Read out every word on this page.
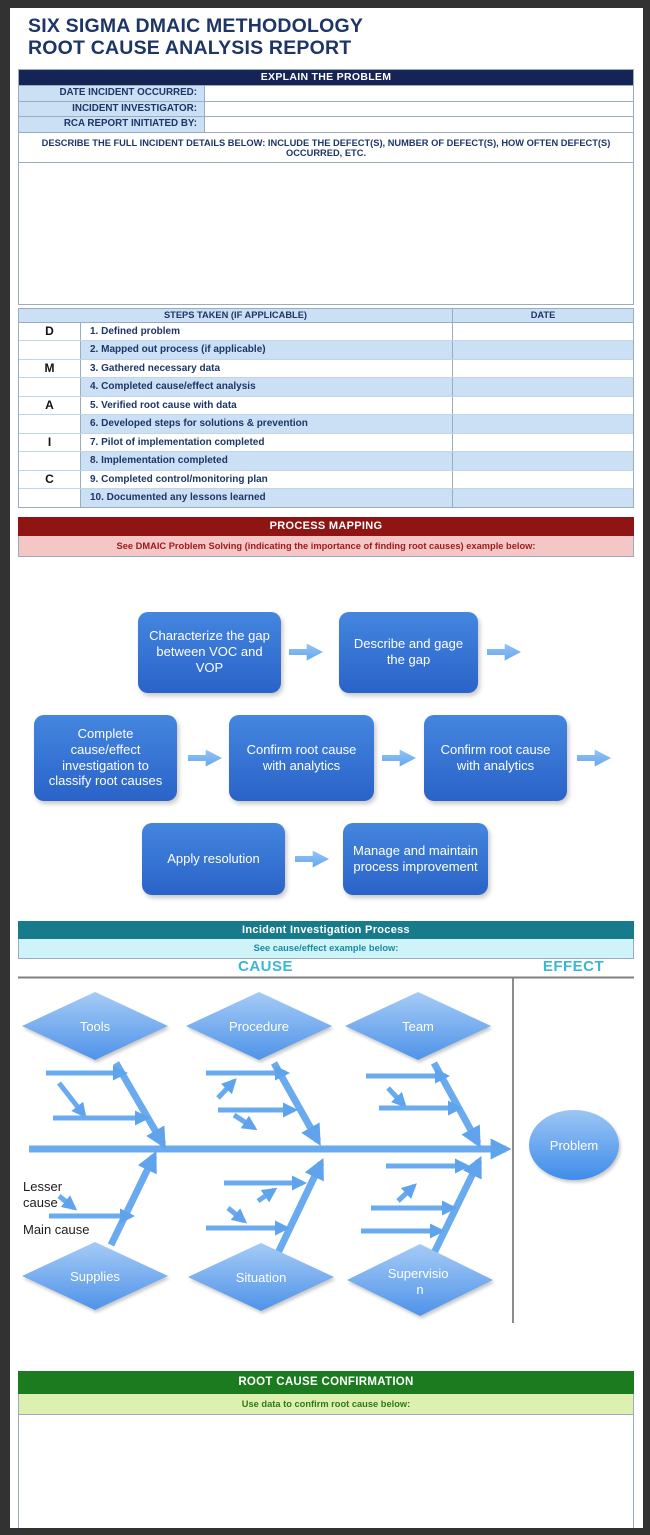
SIX SIGMA DMAIC METHODOLOGY
ROOT CAUSE ANALYSIS REPORT
EXPLAIN THE PROBLEM
DATE INCIDENT OCCURRED:
INCIDENT INVESTIGATOR:
RCA REPORT INITIATED BY:
DESCRIBE THE FULL INCIDENT DETAILS BELOW: INCLUDE THE DEFECT(S), NUMBER OF DEFECT(S), HOW OFTEN DEFECT(S) OCCURRED, ETC.
STEPS TAKEN (IF APPLICABLE)	DATE
D	1. Defined problem
2. Mapped out process (if applicable)
M	3. Gathered necessary data
4. Completed cause/effect analysis
A	5. Verified root cause with data
6. Developed steps for solutions & prevention
I	7. Pilot of implementation completed
8. Implementation completed
C	9. Completed control/monitoring plan
10. Documented any lessons learned
PROCESS MAPPING
See DMAIC Problem Solving (indicating the importance of finding root causes) example below:
Characterize the gap between VOC and VOP
Describe and gage the gap
Complete cause/effect investigation to classify root causes
Confirm root cause with analytics
Confirm root cause with analytics
Apply resolution
Manage and maintain process improvement
Incident Investigation Process
See cause/effect example below:
CAUSE	EFFECT
Tools	Procedure	Team
Supplies	Situation	Supervisio n
Lesser
cause
Main cause
Problem
ROOT CAUSE CONFIRMATION
Use data to confirm root cause below:
